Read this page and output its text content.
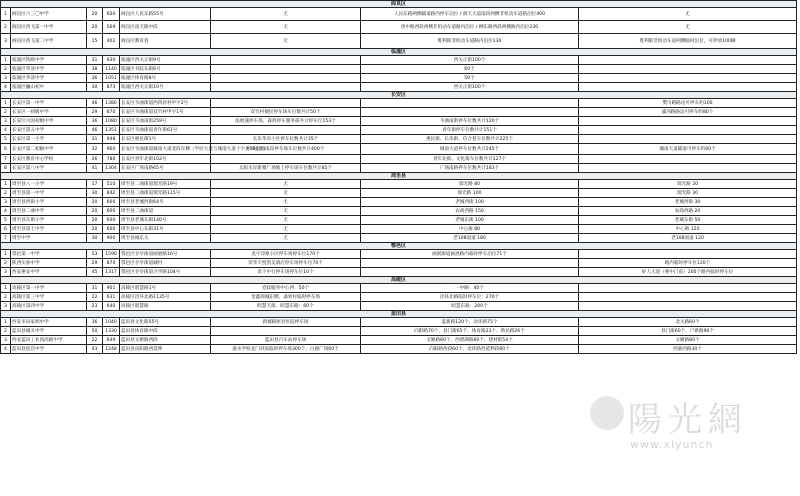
阎良区							
1	阎良区六三〇中学	20	600	阎良区人民东路55号	无	人民东路两侧辅道路内停车泊位 / 润天大道南段两侧非机动车道路泊位400	无
2	阎良区西飞第一中学	20	569	阎良区南天路中段	无	傍中路西段两侧非机动车道路内泊位 / 柳东路西段两侧路内泊位230	无
3	阎良区西飞第二中学	15	402	阎良区教育巷	无	胜利街非机动车道路内泊位130	胜利街非机动车道两侧临时泊位，可停放100辆
临潼区							
1	临潼区铁路中学	31	930	临潼区西关正街9号		西关正街100个	
2	临潼区华清中学	38	1140	临潼区书院东街6号		60个	
3	临潼区华清中学	36	1051	临潼区体育路8号		50个	
4	临潼区骊山初中	30	873	临潼区西关正街10号		西关正街100个	
长安区							
1	长安区第一中学	46	1380	长安区韦曲街道西四府村甲字2号			樊川路路边可停车约100
2	长安区一初级中学	29	870	长安区韦曲街道双竹村甲字1号	双竹村便民停车场车位数共计50个		潏河路路边可停车约80个
3	长安区兴国初级中学	36	1080	长安区韦曲南街259号	泓展速停车场、森鸿停车服务部共计停车位153个	韦曲南街停车位数共计120个	
4	长安区第五中学	46	1351	长安区韦曲街道青年街61号		青年街停车位数共计151个	
5	长安区第一小学	31	948	长安区惠民街1号	长乐华府小区停车位数共计35个	惠民街、长乐街、信合巷车位数共计225个	
6	长安区第二初级中学	32	960	长安区韦曲街道城南大道北段东侧（学府大道与城南大道十字北100米）	中央公园南段停车场车位数共计400个	城南大道停车位数共计245个	城南大道辅道可停车约60个
7	长安区教育中心学校	26	780	长安区青年北街102号		青年北街、文化街车位数共计127个	
8	长安区第八中学	41	1304	长安区广场南路65号	太阳水岸新雅广场地上停车场车位数共计85个	广场南路停车位数共计183个	
周至县							
1	周至县八一小学	17	510	周至县二曲街道瑞光路19号	无	瑞光路 80	瑞光路 20
2	周至县第一中学	30	842	周至县二曲街道瑞光路115号	无	瑞光路 100	瑞光路 30
3	周至县西街小学	20	600	周至县老城西街64号	无	老城西街 100	老城西街 30
4	周至县二曲中学	20	600	周至县二曲街道	无	农商西路 150	农商西路 20
5	周至县东街小学	20	600	周至县老城东街140号	无	老城东街 100	老城东街 50
6	周至县第七中学	20	600	周至县中心东街31号	无	中心街 80	中心街 120
7	周至中学	30	900	周至县城东关	无	老108国道 180	老108国道 120
鄠邑区							
1	鄠邑第一中学	53	1590	鄠邑区甘亭街道画展路16号	龙宇印象小区停车场停车位170个	画展街道画展路内临时停车泊位71个	
2	陕西实验中学	29	870	鄠邑区甘亭街道城村	荣华天悦凯美酒店停车场停车位70个		路内临时停车位120个
3	西安惠安中学	45	1317	鄠邑区甘亭街道兴学路104号	余下中行停车场停车位10个		好人大道（惠中门前）200个路内临时停车位
高陵区							
1	高陵区第一中学	31	901	高陵区昭慧路1号	党政服务中心西：50个	一中路：40个	
2	高陵区第三中学	22	631	高陵区泾环北路1135号	金鑫商城东侧、桑果村临时停车场	泾环北路临时停车位：270个	
3	高陵区第四中学	23	640	高陵区昭慧路	昭慧天街、昭慧东路：60个	昭慧东路：200个	
蓝田县							
1	西安市田家炳中学	36	1040	蓝田县文化路55号	新城路原县医院停车场	蓝新路120个、北环路75个	北关路60个
2	蓝田县城关中学	50	1330	蓝田县体育路中段		向阳路70个、县门街65个、体育路23个、新民路26个	县门街60个、户新路90个
3	西安蓝田工业园高级中学	22	649	蓝田县文姬路西段	蓝田县汽车站停车场	文姬路80个、西泄湖路60个、建材街54个	文姬路80个
4	蓝田县焦岱中学	43	1248	蓝田县向阳路西延伸	滋水学校北门对面临时停车场300个、白鹿广场60个	向阳路西段60个、北环路西延伸段60个	西寨西路30个
陽光網
www.xiyuncn
